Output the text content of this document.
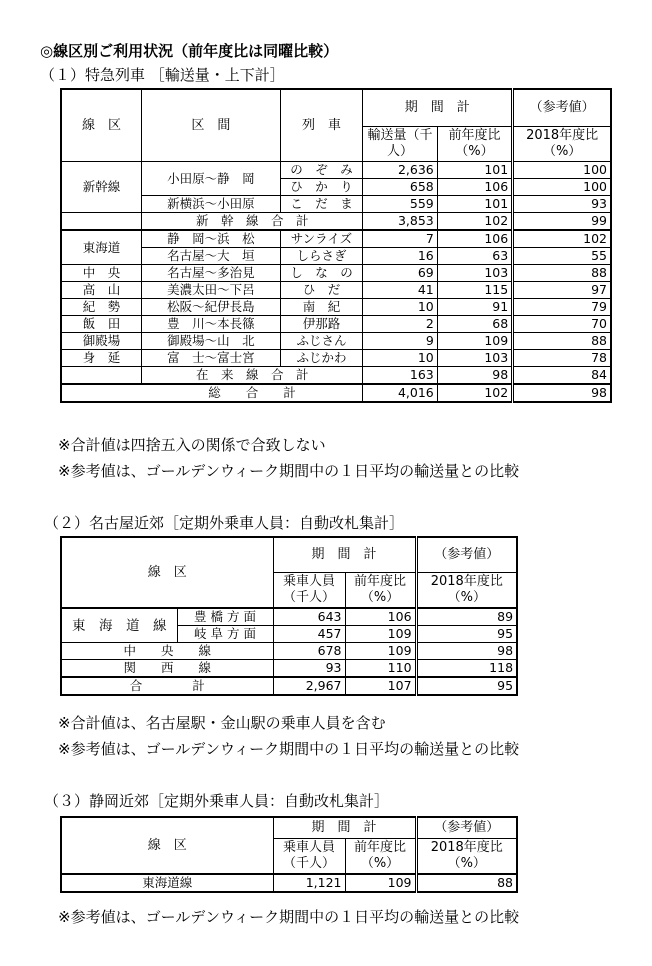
◎線区別ご利用状況（前年度比は同曜比較）
（１）特急列車 ［輸送量・上下計］
線　区	区　間	列　車	期　間　計			（参考値）
			輸送量（千人）	前年度比（%）		2018年度比（%）
新幹線	小田原～静　岡	の　ぞ　み	2,636	101		100
		ひ　か　り	658	106		100
	新横浜～小田原	こ　だ　ま	559	101		93
	新　幹　線　合　計		3,853	102		99
東海道	静　岡～浜　松	サンライズ	7	106		102
	名古屋～大　垣	しらさぎ	16	63		55
中　央	名古屋～多治見	し　な　の	69	103		88
高　山	美濃太田～下呂	ひ　だ	41	115		97
紀　勢	松阪～紀伊長島	南　紀	10	91		79
飯　田	豊　川～本長篠	伊那路	2	68		70
御殿場	御殿場～山　北	ふじさん	9	109		88
身　延	富　士～富士宮	ふじかわ	10	103		78
	在　来　線　合　計		163	98		84
	総　　合　　計		4,016	102		98
※合計値は四捨五入の関係で合致しない
※参考値は、ゴールデンウィーク期間中の１日平均の輸送量との比較
（２）名古屋近郊［定期外乗車人員：自動改札集計］
線　区		期　間　計			（参考値）
		乗車人員（千人）	前年度比（%）		2018年度比（%）
東　海　道　線	豊 橋 方 面	643	106		89
	岐 阜 方 面	457	109		95
中　　央　　線		678	109		98
関　　西　　線		93	110		118
合　　　　計		2,967	107		95
※合計値は、名古屋駅・金山駅の乗車人員を含む
※参考値は、ゴールデンウィーク期間中の１日平均の輸送量との比較
（３）静岡近郊［定期外乗車人員：自動改札集計］
線　区	期　間　計			（参考値）
	乗車人員（千人）	前年度比（%）		2018年度比（%）
東海道線	1,121	109		88
※参考値は、ゴールデンウィーク期間中の１日平均の輸送量との比較
